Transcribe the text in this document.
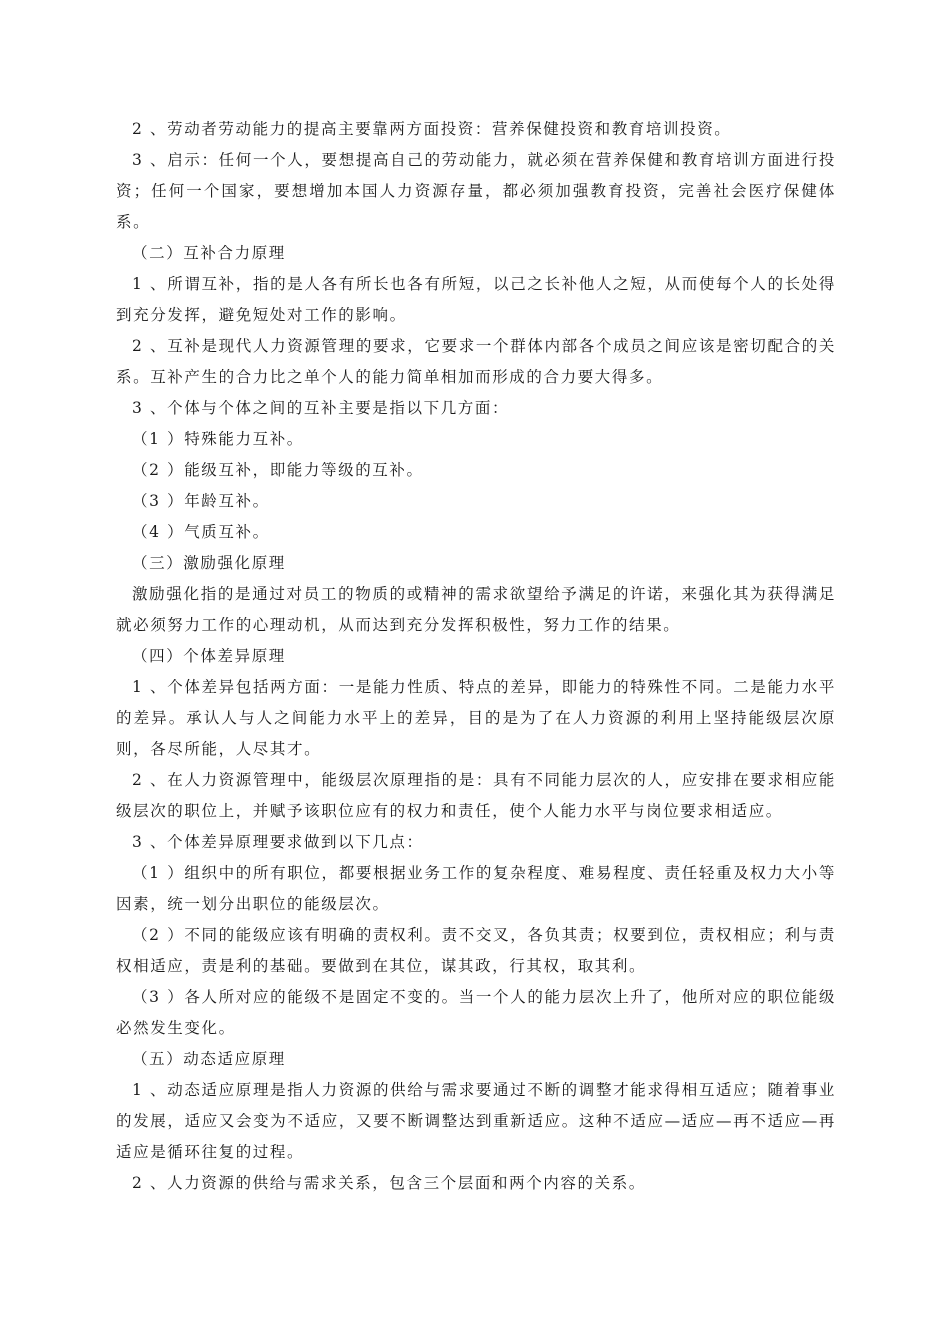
2 、劳动者劳动能力的提高主要靠两方面投资：营养保健投资和教育培训投资。

3 、启示：任何一个人，要想提高自己的劳动能力，就必须在营养保健和教育培训方面进行投资；任何一个国家，要想增加本国人力资源存量，都必须加强教育投资，完善社会医疗保健体系。

（二）互补合力原理

1 、所谓互补，指的是人各有所长也各有所短，以己之长补他人之短，从而使每个人的长处得到充分发挥，避免短处对工作的影响。

2 、互补是现代人力资源管理的要求，它要求一个群体内部各个成员之间应该是密切配合的关系。互补产生的合力比之单个人的能力简单相加而形成的合力要大得多。

3 、个体与个体之间的互补主要是指以下几方面：

（1 ）特殊能力互补。

（2 ）能级互补，即能力等级的互补。

（3 ）年龄互补。

（4 ）气质互补。

（三）激励强化原理

激励强化指的是通过对员工的物质的或精神的需求欲望给予满足的许诺，来强化其为获得满足就必须努力工作的心理动机，从而达到充分发挥积极性，努力工作的结果。

（四）个体差异原理

1 、个体差异包括两方面：一是能力性质、特点的差异，即能力的特殊性不同。二是能力水平的差异。承认人与人之间能力水平上的差异，目的是为了在人力资源的利用上坚持能级层次原则，各尽所能，人尽其才。

2 、在人力资源管理中，能级层次原理指的是：具有不同能力层次的人，应安排在要求相应能级层次的职位上，并赋予该职位应有的权力和责任，使个人能力水平与岗位要求相适应。

3 、个体差异原理要求做到以下几点：

（1 ）组织中的所有职位，都要根据业务工作的复杂程度、难易程度、责任轻重及权力大小等因素，统一划分出职位的能级层次。

（2 ）不同的能级应该有明确的责权利。责不交叉，各负其责；权要到位，责权相应；利与责权相适应，责是利的基础。要做到在其位，谋其政，行其权，取其利。

（3 ）各人所对应的能级不是固定不变的。当一个人的能力层次上升了，他所对应的职位能级必然发生变化。

（五）动态适应原理

1 、动态适应原理是指人力资源的供给与需求要通过不断的调整才能求得相互适应；随着事业的发展，适应又会变为不适应，又要不断调整达到重新适应。这种不适应—适应—再不适应—再适应是循环往复的过程。

2 、人力资源的供给与需求关系，包含三个层面和两个内容的关系。
